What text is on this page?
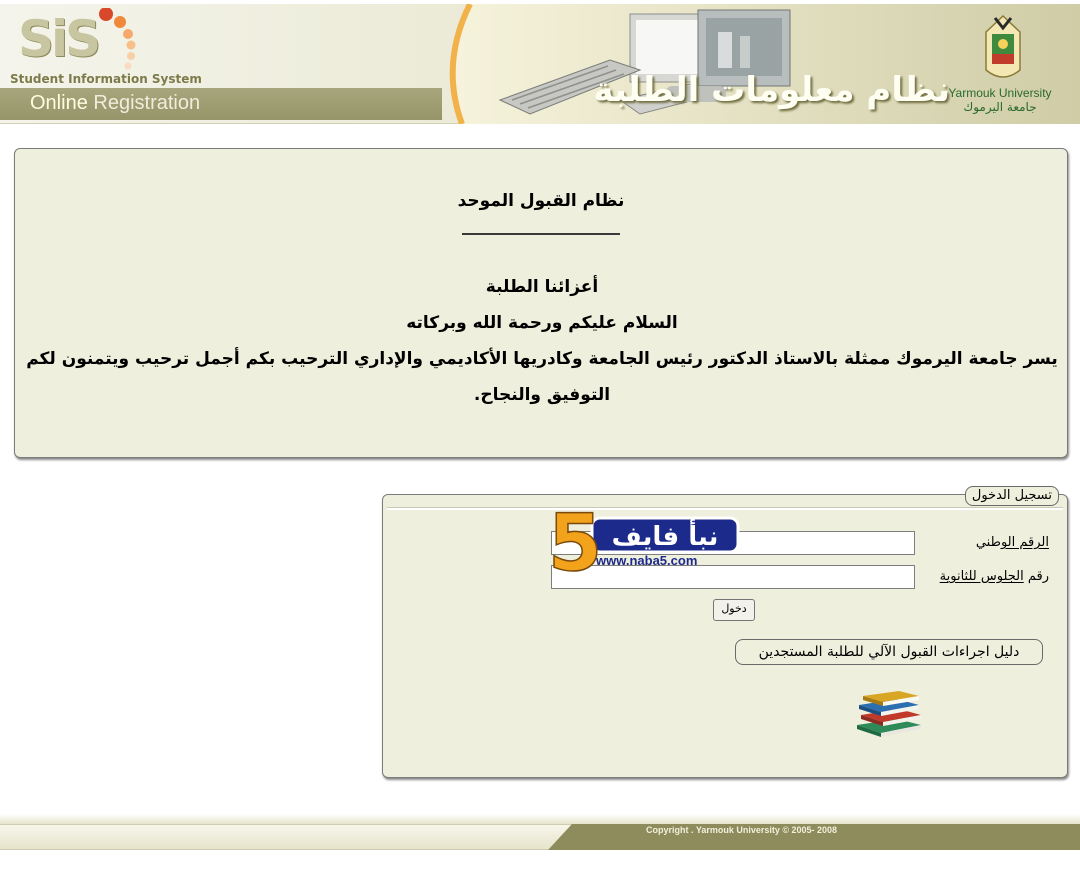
SiS
Student Information System
Online Registration	نظام معلومات الطلبة
Yarmouk University
جامعة اليرموك
نظام القبول الموحد
أعزائنا الطلبة
السلام عليكم ورحمة الله وبركاته
يسر جامعة اليرموك ممثلة بالاستاذ الدكتور رئيس الجامعة وكادريها الأكاديمي والإداري الترحيب بكم أجمل ترحيب ويتمنون لكم
التوفيق والنجاح.
تسجيل الدخول
الرقم الوطني
رقم الجلوس للثانوية
دخول
دليل اجراءات القبول الآلي للطلبة المستجدين
نبأ فايف
5
www.naba5.com
Copyright . Yarmouk University © 2005- 2008
